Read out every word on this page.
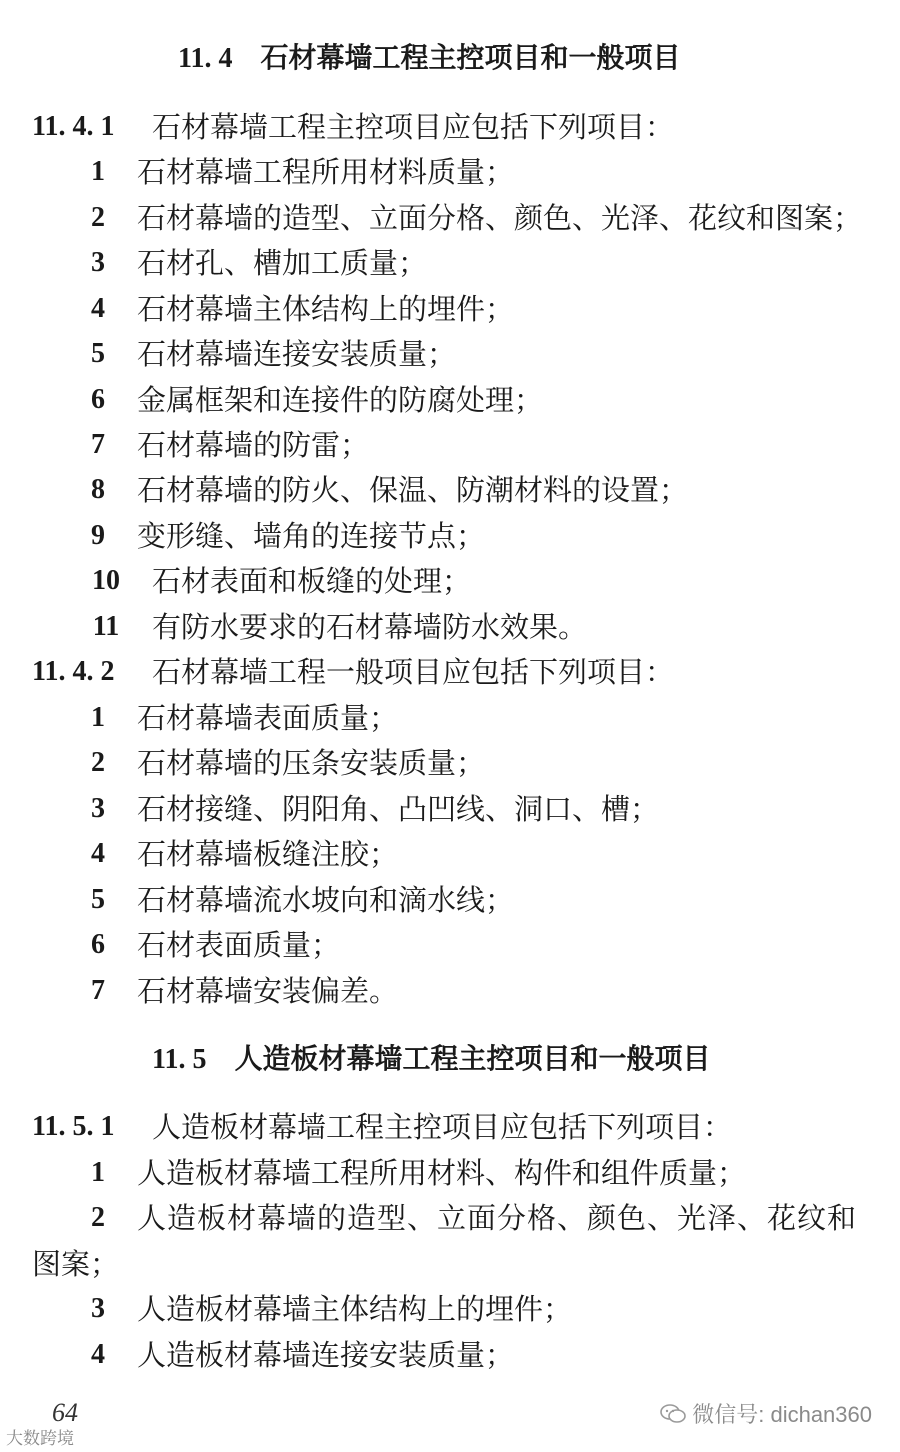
11. 4 石材幕墙工程主控项目和一般项目
11. 4. 1 石材幕墙工程主控项目应包括下列项目：
1	石材幕墙工程所用材料质量；
2	石材幕墙的造型、立面分格、颜色、光泽、花纹和图案；
3	石材孔、槽加工质量；
4	石材幕墙主体结构上的埋件；
5	石材幕墙连接安装质量；
6	金属框架和连接件的防腐处理；
7	石材幕墙的防雷；
8	石材幕墙的防火、保温、防潮材料的设置；
9	变形缝、墙角的连接节点；
10 石材表面和板缝的处理；
11 有防水要求的石材幕墙防水效果。
11. 4. 2 石材幕墙工程一般项目应包括下列项目：
1	石材幕墙表面质量；
2	石材幕墙的压条安装质量；
3	石材接缝、阴阳角、凸凹线、洞口、槽；
4	石材幕墙板缝注胶；
5	石材幕墙流水坡向和滴水线；
6	石材表面质量；
7	石材幕墙安装偏差。
11. 5 人造板材幕墙工程主控项目和一般项目
11. 5. 1 人造板材幕墙工程主控项目应包括下列项目：
1	人造板材幕墙工程所用材料、构件和组件质量；
2	人造板材幕墙的造型、立面分格、颜色、光泽、花纹和
图案；
3	人造板材幕墙主体结构上的埋件；
4	人造板材幕墙连接安装质量；
64
大数跨境
微信号: dichan360
